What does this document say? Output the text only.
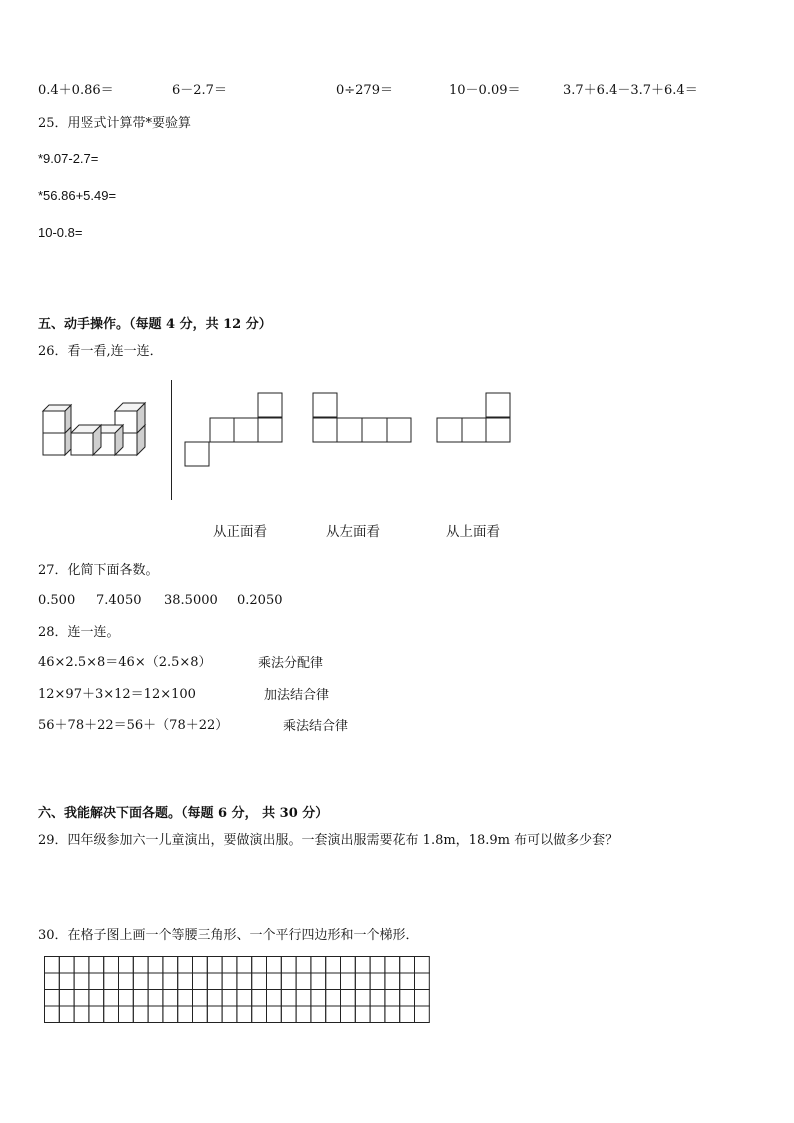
0.4＋0.86＝	6－2.7＝	0÷279＝	10－0.09＝	3.7＋6.4－3.7＋6.4＝
25．用竖式计算带*要验算
*9.07-2.7=
*56.86+5.49=
10-0.8=
五、动手操作。（每题 4 分，共 12 分）
26．看一看,连一连．
从正面看	从左面看	从上面看
27．化简下面各数。
0.500 7.4050 38.5000 0.2050
28．连一连。
46×2.5×8＝46×（2.5×8）
12×97＋3×12＝12×100
56＋78＋22＝56＋（78＋22）
乘法分配律
加法结合律
乘法结合律
六、我能解决下面各题。（每题 6 分， 共 30 分）
29．四年级参加六一儿童演出，要做演出服。一套演出服需要花布 1.8m，18.9m 布可以做多少套？
30．在格子图上画一个等腰三角形、一个平行四边形和一个梯形．
